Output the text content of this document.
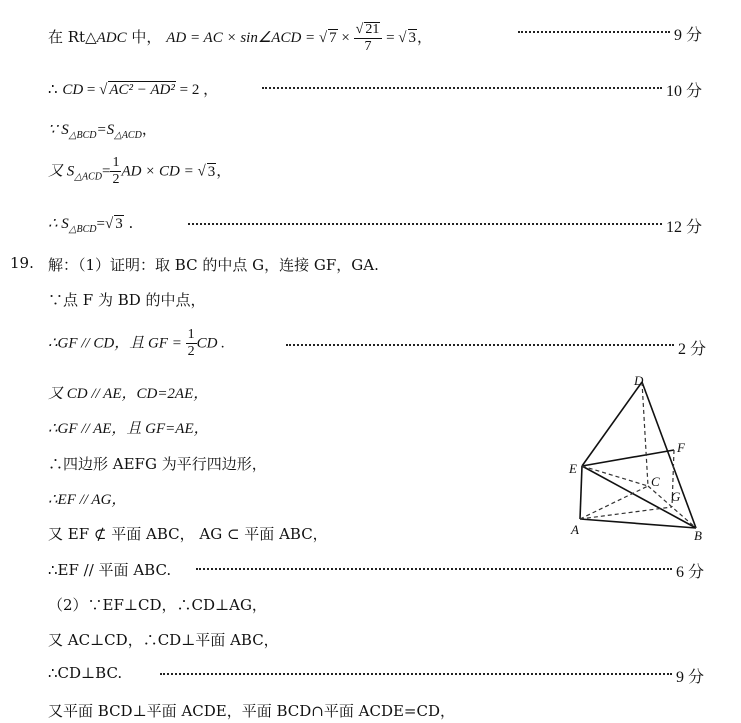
在 Rt△ADC 中， AD = AC × sin∠ACD = √ $7 \times \frac{√ 21}{7}$ = √ 3，	9 分
∴ CD = √ AC² − AD² = 2 ，	10 分
∵ $S_{\triangle BCD}=S_{\triangle ACD}$，
又 $S_{\triangle ACD}= \frac{1}{2}$ AD × CD = √ 3，
∴ $S_{\triangle BCD}=√$ 3 .	12 分
19. 解：（1）证明：取 BC 的中点 G，连接 GF，GA.
∵点 F 为 BD 的中点，
∴GF // CD，且 GF = $\frac{1}{2}$ CD .	2 分
又 CD // AE，CD=2AE，
∴GF // AE，且 GF=AE，
∴四边形 AEFG 为平行四边形，
∴EF // AG，
又 EF ⊄ 平面 ABC， AG ⊂ 平面 ABC，
∴EF // 平面 ABC.	6 分
（2）∵EF⊥CD，∴CD⊥AG，
又 AC⊥CD，∴CD⊥平面 ABC，
∴CD⊥BC.	9 分
又平面 BCD⊥平面 ACDE，平面 BCD∩平面 ACDE=CD，
D
F
E
C
G
A	B
